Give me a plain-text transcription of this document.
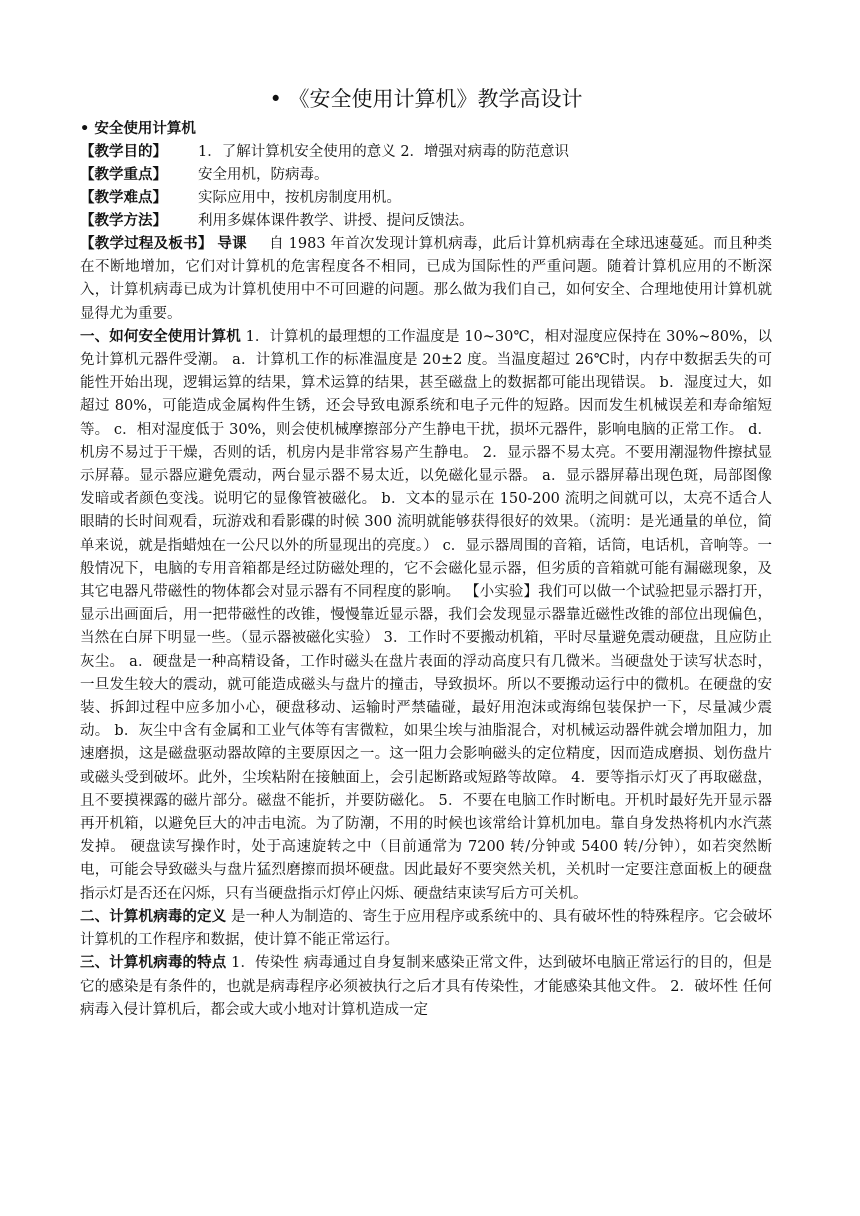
• 《安全使用计算机》教学高设计

• 安全使用计算机

【教学目的】 1．了解计算机安全使用的意义 2．增强对病毒的防范意识

【教学重点】 安全用机，防病毒。

【教学难点】 实际应用中，按机房制度用机。

【教学方法】 利用多媒体课件教学、讲授、提问反馈法。

【教学过程及板书】 导课 自 1983 年首次发现计算机病毒，此后计算机病毒在全球迅速蔓延。而且种类在不断地增加，它们对计算机的危害程度各不相同，已成为国际性的严重问题。随着计算机应用的不断深入，计算机病毒已成为计算机使用中不可回避的问题。那么做为我们自己，如何安全、合理地使用计算机就显得尤为重要。

一、如何安全使用计算机 1．计算机的最理想的工作温度是 10~30℃，相对湿度应保持在 30%~80%，以免计算机元器件受潮。 a．计算机工作的标准温度是 20±2 度。当温度超过 26℃时，内存中数据丢失的可能性开始出现，逻辑运算的结果，算术运算的结果，甚至磁盘上的数据都可能出现错误。 b．湿度过大，如超过 80%，可能造成金属构件生锈，还会导致电源系统和电子元件的短路。因而发生机械误差和寿命缩短等。 c．相对湿度低于 30%，则会使机械摩擦部分产生静电干扰，损坏元器件，影响电脑的正常工作。 d．机房不易过于干燥，否则的话，机房内是非常容易产生静电。 2．显示器不易太亮。不要用潮湿物件擦拭显示屏幕。显示器应避免震动，两台显示器不易太近，以免磁化显示器。 a．显示器屏幕出现色斑，局部图像发暗或者颜色变浅。说明它的显像管被磁化。 b．文本的显示在 150-200 流明之间就可以，太亮不适合人眼睛的长时间观看，玩游戏和看影碟的时候 300 流明就能够获得很好的效果。（流明：是光通量的单位，简单来说，就是指蜡烛在一公尺以外的所显现出的亮度。） c．显示器周围的音箱，话筒，电话机，音响等。一般情况下，电脑的专用音箱都是经过防磁处理的，它不会磁化显示器，但劣质的音箱就可能有漏磁现象，及其它电器凡带磁性的物体都会对显示器有不同程度的影响。 【小实验】我们可以做一个试验把显示器打开，显示出画面后，用一把带磁性的改锥，慢慢靠近显示器，我们会发现显示器靠近磁性改锥的部位出现偏色，当然在白屏下明显一些。（显示器被磁化实验） 3．工作时不要搬动机箱，平时尽量避免震动硬盘，且应防止灰尘。 a．硬盘是一种高精设备，工作时磁头在盘片表面的浮动高度只有几微米。当硬盘处于读写状态时，一旦发生较大的震动，就可能造成磁头与盘片的撞击，导致损坏。所以不要搬动运行中的微机。在硬盘的安装、拆卸过程中应多加小心，硬盘移动、运输时严禁磕碰，最好用泡沫或海绵包装保护一下，尽量减少震动。 b．灰尘中含有金属和工业气体等有害微粒，如果尘埃与油脂混合，对机械运动器件就会增加阻力，加速磨损，这是磁盘驱动器故障的主要原因之一。这一阻力会影响磁头的定位精度，因而造成磨损、划伤盘片或磁头受到破坏。此外，尘埃粘附在接触面上，会引起断路或短路等故障。 4．要等指示灯灭了再取磁盘，且不要摸裸露的磁片部分。磁盘不能折，并要防磁化。 5．不要在电脑工作时断电。开机时最好先开显示器再开机箱，以避免巨大的冲击电流。为了防潮，不用的时候也该常给计算机加电。靠自身发热将机内水汽蒸发掉。 硬盘读写操作时，处于高速旋转之中（目前通常为 7200 转/分钟或 5400 转/分钟），如若突然断电，可能会导致磁头与盘片猛烈磨擦而损坏硬盘。因此最好不要突然关机，关机时一定要注意面板上的硬盘指示灯是否还在闪烁，只有当硬盘指示灯停止闪烁、硬盘结束读写后方可关机。

二、计算机病毒的定义 是一种人为制造的、寄生于应用程序或系统中的、具有破坏性的特殊程序。它会破坏计算机的工作程序和数据，使计算不能正常运行。

三、计算机病毒的特点 1．传染性 病毒通过自身复制来感染正常文件，达到破坏电脑正常运行的目的，但是它的感染是有条件的，也就是病毒程序必须被执行之后才具有传染性，才能感染其他文件。 2．破坏性 任何病毒入侵计算机后，都会或大或小地对计算机造成一定
